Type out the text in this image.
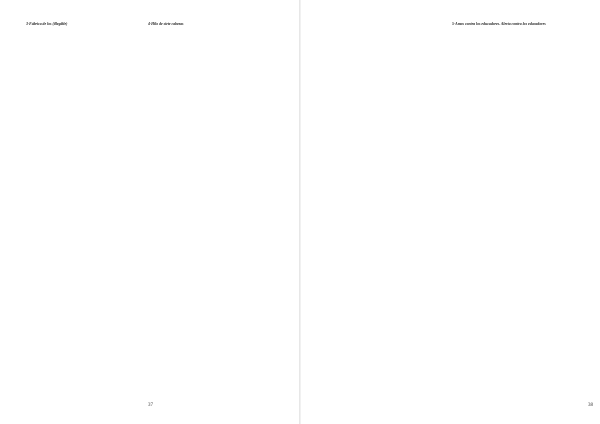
3-Fábrica de los (illegible)	4-Hilo de siete cabezas

37

5-Amos contra los educadores. Alerta contra los educadores

38
